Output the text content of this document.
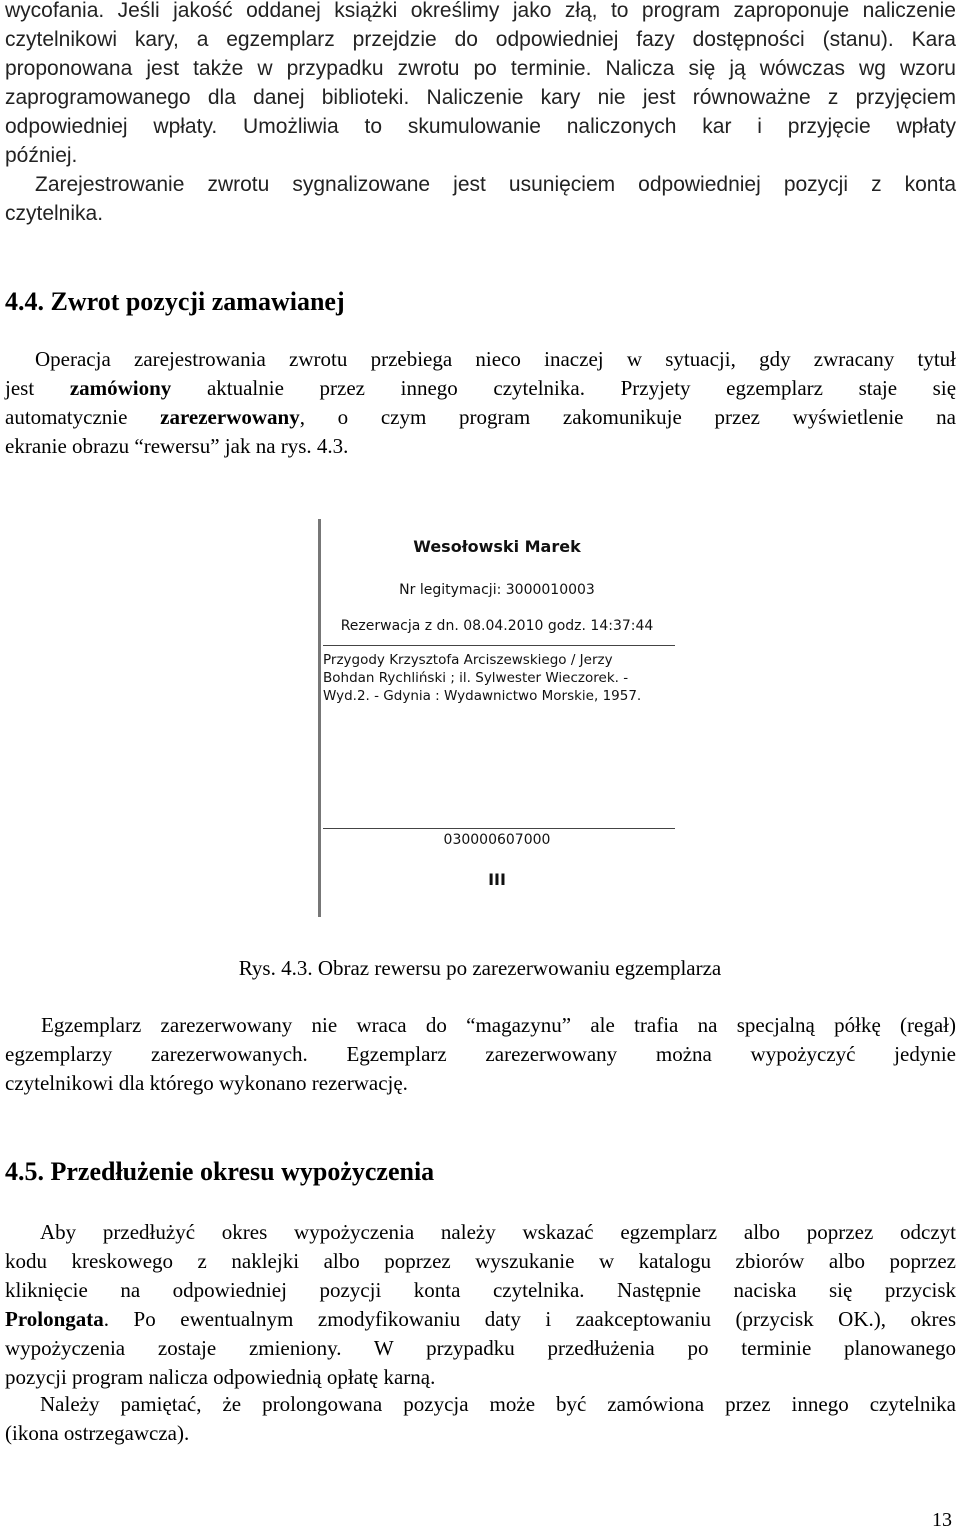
wycofania. Jeśli jakość oddanej książki określimy jako złą, to program zaproponuje naliczenie
czytelnikowi kary, a egzemplarz przejdzie do odpowiedniej fazy dostępności (stanu). Kara
proponowana jest także w przypadku zwrotu po terminie. Nalicza się ją wówczas wg wzoru
zaprogramowanego dla danej biblioteki. Naliczenie kary nie jest równoważne z przyjęciem
odpowiedniej wpłaty. Umożliwia to skumulowanie naliczonych kar i przyjęcie wpłaty
później.
Zarejestrowanie zwrotu sygnalizowane jest usunięciem odpowiedniej pozycji z konta
czytelnika.
4.4. Zwrot pozycji zamawianej
Operacja zarejestrowania zwrotu przebiega nieco inaczej w sytuacji, gdy zwracany tytuł
jest zamówiony aktualnie przez innego czytelnika. Przyjety egzemplarz staje się
automatycznie zarezerwowany, o czym program zakomunikuje przez wyświetlenie na
ekranie obrazu “rewersu” jak na rys. 4.3.
Wesołowski Marek
Nr legitymacji: 3000010003
Rezerwacja z dn. 08.04.2010 godz. 14:37:44
Przygody Krzysztofa Arciszewskiego / Jerzy
Bohdan Rychliński ; il. Sylwester Wieczorek. -
Wyd.2. - Gdynia : Wydawnictwo Morskie, 1957.
030000607000
III
Rys. 4.3. Obraz rewersu po zarezerwowaniu egzemplarza
Egzemplarz zarezerwowany nie wraca do “magazynu” ale trafia na specjalną półkę (regał)
egzemplarzy zarezerwowanych. Egzemplarz zarezerwowany można wypożyczyć jedynie
czytelnikowi dla którego wykonano rezerwację.
4.5. Przedłużenie okresu wypożyczenia
Aby przedłużyć okres wypożyczenia należy wskazać egzemplarz albo poprzez odczyt
kodu kreskowego z naklejki albo poprzez wyszukanie w katalogu zbiorów albo poprzez
kliknięcie na odpowiedniej pozycji konta czytelnika. Następnie naciska się przycisk
Prolongata. Po ewentualnym zmodyfikowaniu daty i zaakceptowaniu (przycisk OK.), okres
wypożyczenia zostaje zmieniony. W przypadku przedłużenia po terminie planowanego
pozycji program nalicza odpowiednią opłatę karną.
Należy pamiętać, że prolongowana pozycja może być zamówiona przez innego czytelnika
(ikona ostrzegawcza).
13
